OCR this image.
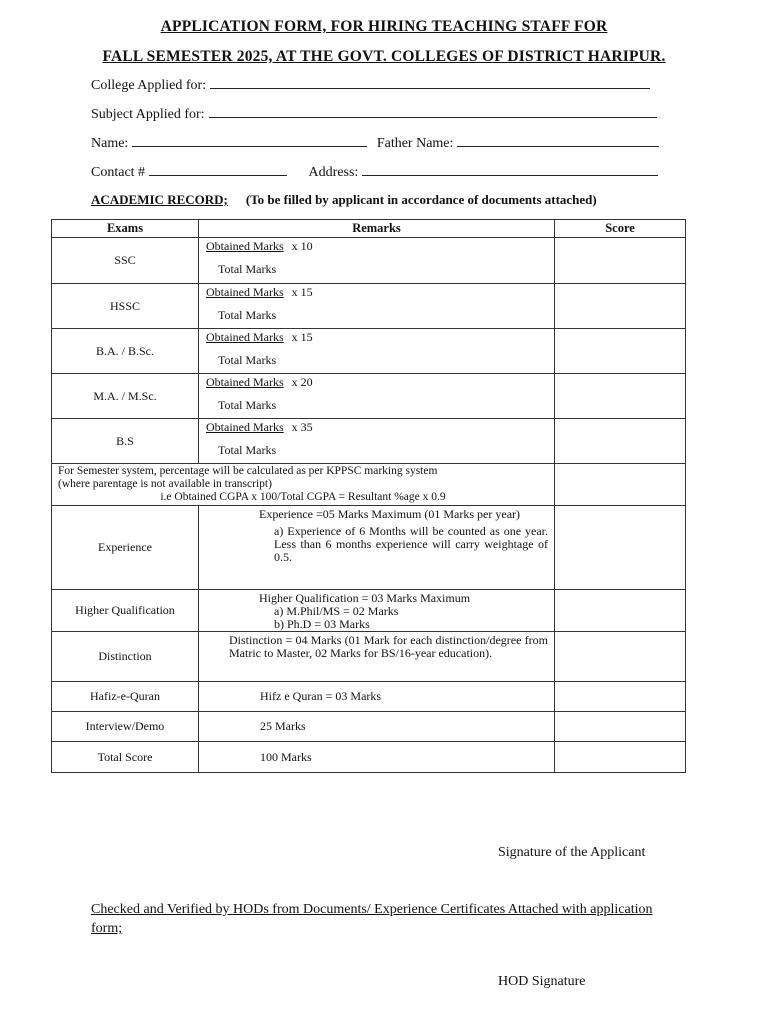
APPLICATION FORM, FOR HIRING TEACHING STAFF FOR
FALL SEMESTER 2025, AT THE GOVT. COLLEGES OF DISTRICT HARIPUR.
College Applied for:
Subject Applied for:
Name:	Father Name:
Contact #	Address:
ACADEMIC RECORD; (To be filled by applicant in accordance of documents attached)
Exams	Remarks	Score
SSC	Obtained Marks x 10
Total Marks	

HSSC	Obtained Marks x 15
Total Marks	

B.A. / B.Sc.	Obtained Marks x 15
Total Marks	

M.A. / M.Sc.	Obtained Marks x 20
Total Marks	

B.S	Obtained Marks x 35
Total Marks	

For Semester system, percentage will be calculated as per KPPSC marking system
(where parentage is not available in transcript)
i.e Obtained CGPA x 100/Total CGPA = Resultant %age x 0.9		

Experience	Experience =05 Marks Maximum (01 Marks per year)
a) Experience of 6 Months will be counted as one year. Less than 6 months experience will carry weightage of 0.5.	

Higher Qualification	Higher Qualification = 03 Marks Maximum
a) M.Phil/MS = 02 Marks
b) Ph.D = 03 Marks	

Distinction	Distinction = 04 Marks (01 Mark for each distinction/degree from Matric to Master, 02 Marks for BS/16-year education).	

Hafiz-e-Quran	Hifz e Quran = 03 Marks	
Interview/Demo	25 Marks	
Total Score	100 Marks	
Signature of the Applicant
Checked and Verified by HODs from Documents/ Experience Certificates Attached with application form;
HOD Signature
